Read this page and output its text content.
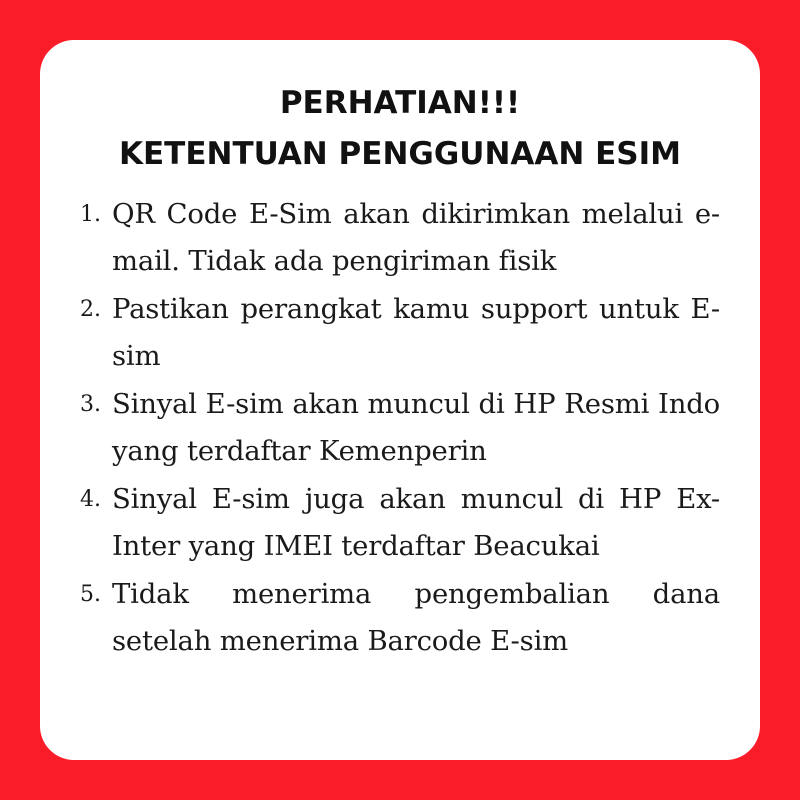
PERHATIAN!!!
KETENTUAN PENGGUNAAN ESIM
1. QR Code E-Sim akan dikirimkan melalui e-mail. Tidak ada pengiriman fisik
2. Pastikan perangkat kamu support untuk E-sim
3. Sinyal E-sim akan muncul di HP Resmi Indo yang terdaftar Kemenperin
4. Sinyal E-sim juga akan muncul di HP Ex-Inter yang IMEI terdaftar Beacukai
5. Tidak menerima pengembalian dana setelah menerima Barcode E-sim
